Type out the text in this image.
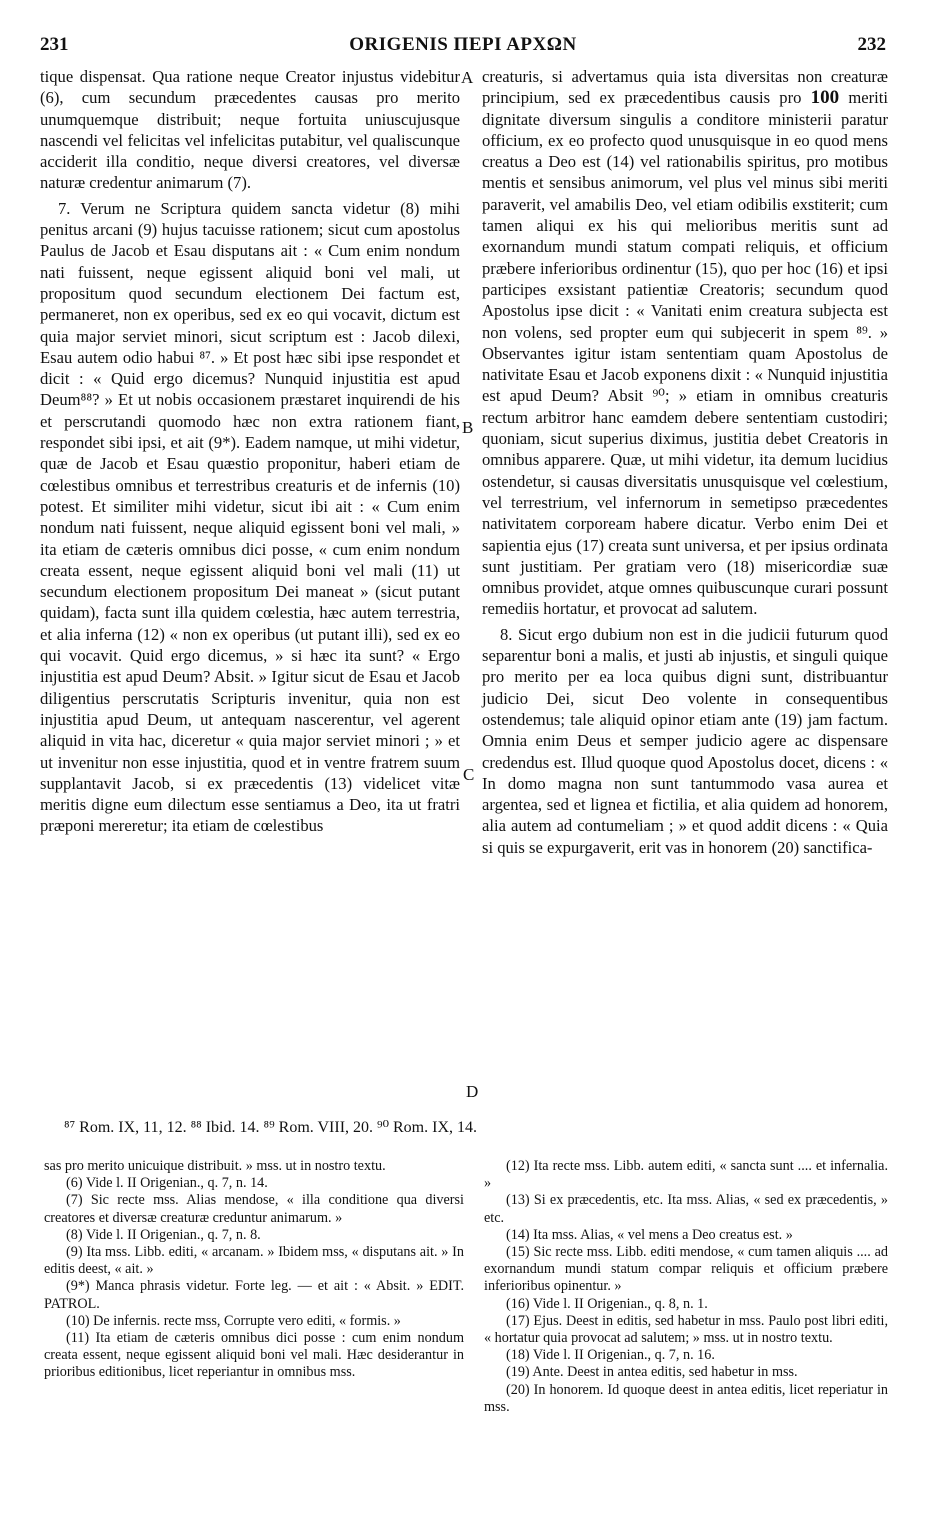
231	ORIGENIS ΠΕΡΙ ΑΡΧΩΝ	232
A
B
C
D

tique dispensat. Qua ratione neque Creator injustus videbitur (6), cum secundum præcedentes causas pro merito unumquemque distribuit; neque fortuita uniuscujusque nascendi vel felicitas vel infelicitas putabitur, vel qualiscunque acciderit illa conditio, neque diversi creatores, vel diversæ naturæ credentur animarum (7).

7. Verum ne Scriptura quidem sancta videtur (8) mihi penitus arcani (9) hujus tacuisse rationem; sicut cum apostolus Paulus de Jacob et Esau disputans ait : « Cum enim nondum nati fuissent, neque egissent aliquid boni vel mali, ut propositum quod secundum electionem Dei factum est, permaneret, non ex operibus, sed ex eo qui vocavit, dictum est quia major serviet minori, sicut scriptum est : Jacob dilexi, Esau autem odio habui ⁸⁷. » Et post hæc sibi ipse respondet et dicit : « Quid ergo dicemus? Nunquid injustitia est apud Deum⁸⁸? » Et ut nobis occasionem præstaret inquirendi de his et perscrutandi quomodo hæc non extra rationem fiant, respondet sibi ipsi, et ait (9*). Eadem namque, ut mihi videtur, quæ de Jacob et Esau quæstio proponitur, haberi etiam de cœlestibus omnibus et terrestribus creaturis et de infernis (10) potest. Et similiter mihi videtur, sicut ibi ait : « Cum enim nondum nati fuissent, neque aliquid egissent boni vel mali, » ita etiam de cæteris omnibus dici posse, « cum enim nondum creata essent, neque egissent aliquid boni vel mali (11) ut secundum electionem propositum Dei maneat » (sicut putant quidam), facta sunt illa quidem cœlestia, hæc autem terrestria, et alia inferna (12) « non ex operibus (ut putant illi), sed ex eo qui vocavit. Quid ergo dicemus, » si hæc ita sunt? « Ergo injustitia est apud Deum? Absit. » Igitur sicut de Esau et Jacob diligentius perscrutatis Scripturis invenitur, quia non est injustitia apud Deum, ut antequam nascerentur, vel agerent aliquid in vita hac, diceretur « quia major serviet minori ; » et ut invenitur non esse injustitia, quod et in ventre fratrem suum supplantavit Jacob, si ex præcedentis (13) videlicet vitæ meritis digne eum dilectum esse sentiamus a Deo, ita ut fratri præponi mereretur; ita etiam de cœlestibus

creaturis, si advertamus quia ista diversitas non creaturæ principium, sed ex præcedentibus causis pro 100 meriti dignitate diversum singulis a conditore ministerii paratur officium, ex eo profecto quod unusquisque in eo quod mens creatus a Deo est (14) vel rationabilis spiritus, pro motibus mentis et sensibus animorum, vel plus vel minus sibi meriti paraverit, vel amabilis Deo, vel etiam odibilis exstiterit; cum tamen aliqui ex his qui melioribus meritis sunt ad exornandum mundi statum compati reliquis, et officium præbere inferioribus ordinentur (15), quo per hoc (16) et ipsi participes exsistant patientiæ Creatoris; secundum quod Apostolus ipse dicit : « Vanitati enim creatura subjecta est non volens, sed propter eum qui subjecerit in spem ⁸⁹. » Observantes igitur istam sententiam quam Apostolus de nativitate Esau et Jacob exponens dixit : « Nunquid injustitia est apud Deum? Absit ⁹⁰; » etiam in omnibus creaturis rectum arbitror hanc eamdem debere sententiam custodiri; quoniam, sicut superius diximus, justitia debet Creatoris in omnibus apparere. Quæ, ut mihi videtur, ita demum lucidius ostendetur, si causas diversitatis unusquisque vel cœlestium, vel terrestrium, vel infernorum in semetipso præcedentes nativitatem corpoream habere dicatur. Verbo enim Dei et sapientia ejus (17) creata sunt universa, et per ipsius ordinata sunt justitiam. Per gratiam vero (18) misericordiæ suæ omnibus providet, atque omnes quibuscunque curari possunt remediis hortatur, et provocat ad salutem.

8. Sicut ergo dubium non est in die judicii futurum quod separentur boni a malis, et justi ab injustis, et singuli quique pro merito per ea loca quibus digni sunt, distribuantur judicio Dei, sicut Deo volente in consequentibus ostendemus; tale aliquid opinor etiam ante (19) jam factum. Omnia enim Deus et semper judicio agere ac dispensare credendus est. Illud quoque quod Apostolus docet, dicens : « In domo magna non sunt tantummodo vasa aurea et argentea, sed et lignea et fictilia, et alia quidem ad honorem, alia autem ad contumeliam ; » et quod addit dicens : « Quia si quis se expurgaverit, erit vas in honorem (20) sanctifica-

⁸⁷ Rom. IX, 11, 12. ⁸⁸ Ibid. 14. ⁸⁹ Rom. VIII, 20. ⁹⁰ Rom. IX, 14.

sas pro merito unicuique distribuit. » mss. ut in nostro textu.

(6) Vide l. II Origenian., q. 7, n. 14.

(7) Sic recte mss. Alias mendose, « illa conditione qua diversi creatores et diversæ creaturæ creduntur animarum. »

(8) Vide l. II Origenian., q. 7, n. 8.

(9) Ita mss. Libb. editi, « arcanam. » Ibidem mss, « disputans ait. » In editis deest, « ait. »

(9*) Manca phrasis videtur. Forte leg. — et ait : « Absit. » EDIT. PATROL.

(10) De infernis. recte mss, Corrupte vero editi, « formis. »

(11) Ita etiam de cæteris omnibus dici posse : cum enim nondum creata essent, neque egissent aliquid boni vel mali. Hæc desiderantur in prioribus editionibus, licet reperiantur in omnibus mss.

(12) Ita recte mss. Libb. autem editi, « sancta sunt .... et infernalia. »

(13) Si ex præcedentis, etc. Ita mss. Alias, « sed ex præcedentis, » etc.

(14) Ita mss. Alias, « vel mens a Deo creatus est. »

(15) Sic recte mss. Libb. editi mendose, « cum tamen aliquis .... ad exornandum mundi statum compar reliquis et officium præbere inferioribus opinentur. »

(16) Vide l. II Origenian., q. 8, n. 1.

(17) Ejus. Deest in editis, sed habetur in mss. Paulo post libri editi, « hortatur quia provocat ad salutem; » mss. ut in nostro textu.

(18) Vide l. II Origenian., q. 7, n. 16.

(19) Ante. Deest in antea editis, sed habetur in mss.

(20) In honorem. Id quoque deest in antea editis, licet reperiatur in mss.
